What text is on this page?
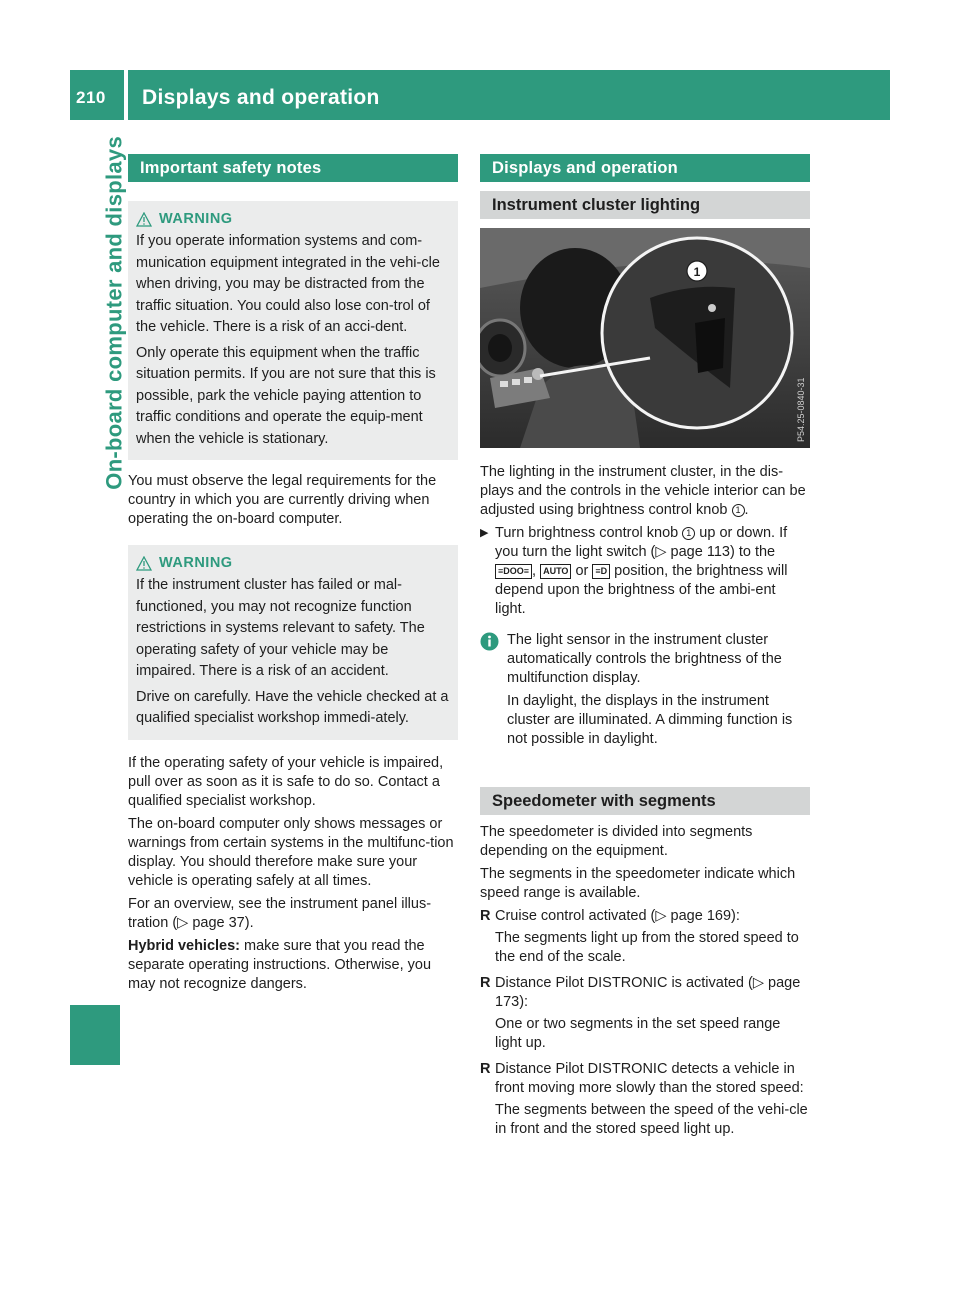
210 Displays and operation
On-board computer and displays Important safety notes
WARNING

If you operate information systems and com-munication equipment integrated in the vehi-cle when driving, you may be distracted from the traffic situation. You could also lose con-trol of the vehicle. There is a risk of an acci-dent.

Only operate this equipment when the traffic situation permits. If you are not sure that this is possible, park the vehicle paying attention to traffic conditions and operate the equip-ment when the vehicle is stationary.

You must observe the legal requirements for the country in which you are currently driving when operating the on-board computer.

WARNING

If the instrument cluster has failed or mal-functioned, you may not recognize function restrictions in systems relevant to safety. The operating safety of your vehicle may be impaired. There is a risk of an accident.

Drive on carefully. Have the vehicle checked at a qualified specialist workshop immedi-ately.

If the operating safety of your vehicle is impaired, pull over as soon as it is safe to do so. Contact a qualified specialist workshop.

The on-board computer only shows messages or warnings from certain systems in the multifunc-tion display. You should therefore make sure your vehicle is operating safely at all times.

For an overview, see the instrument panel illus-tration (▷ page 37).

Hybrid vehicles: make sure that you read the separate operating instructions. Otherwise, you may not recognize dangers.

Displays and operation
Instrument cluster lighting
1
P54.25-0840-31

The lighting in the instrument cluster, in the dis-plays and the controls in the vehicle interior can be adjusted using brightness control knob 1 .

▶ Turn brightness control knob 1 up or down. If you turn the light switch (▷ page 113) to the ≡DOO≡ , AUTO or ≡D position, the brightness will depend upon the brightness of the ambi-ent light.

The light sensor in the instrument cluster automatically controls the brightness of the multifunction display.

In daylight, the displays in the instrument cluster are illuminated. A dimming function is not possible in daylight.

Speedometer with segments

The speedometer is divided into segments depending on the equipment.

The segments in the speedometer indicate which speed range is available.

R Cruise control activated (▷ page 169):

The segments light up from the stored speed to the end of the scale.

R Distance Pilot DISTRONIC is activated (▷ page 173):

One or two segments in the set speed range light up.

R Distance Pilot DISTRONIC detects a vehicle in front moving more slowly than the stored speed:

The segments between the speed of the vehi-cle in front and the stored speed light up.
